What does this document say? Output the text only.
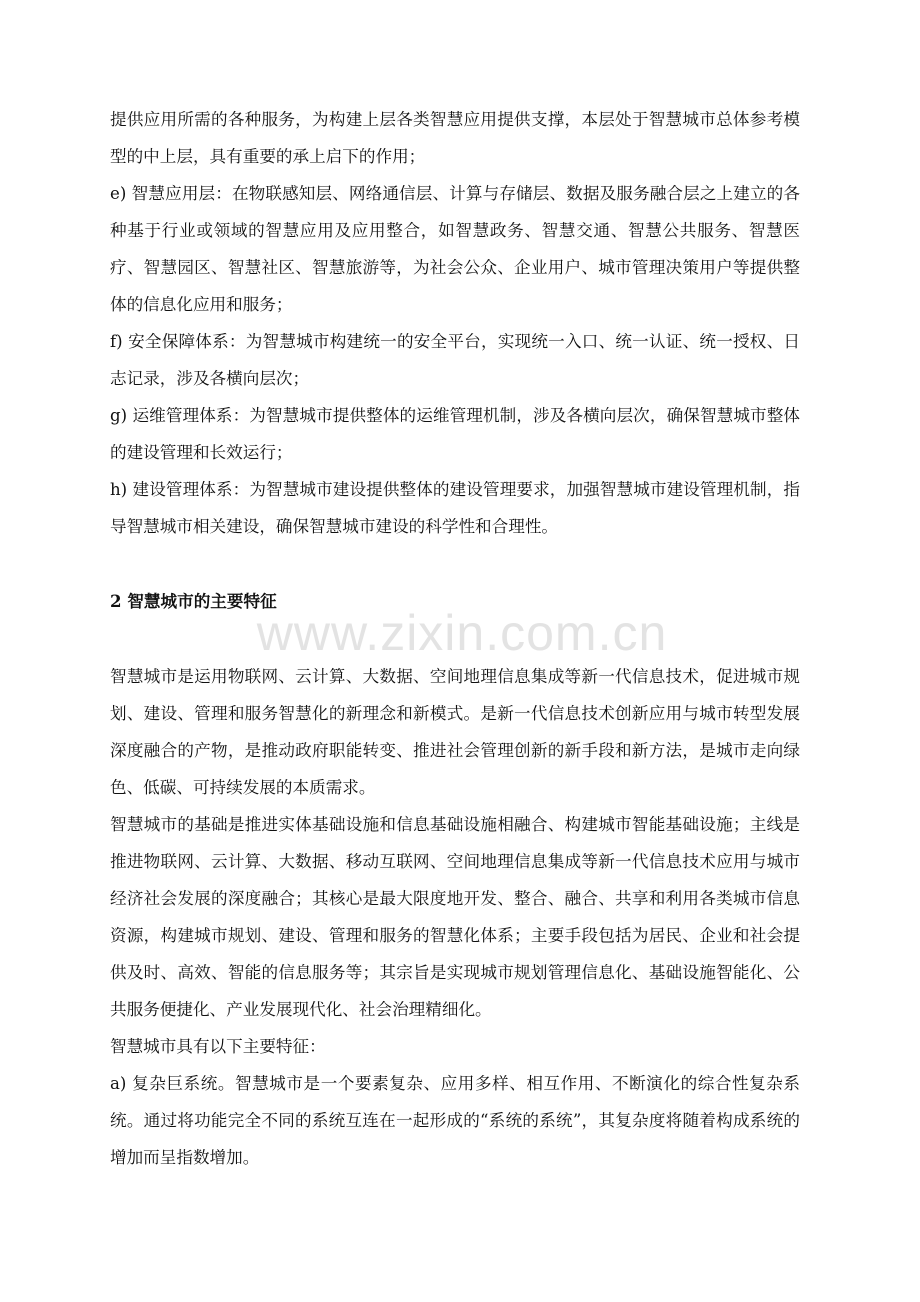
www.zixin.com.cn

提供应用所需的各种服务，为构建上层各类智慧应用提供支撑，本层处于智慧城市总体参考模型的中上层，具有重要的承上启下的作用；

e) 智慧应用层：在物联感知层、网络通信层、计算与存储层、数据及服务融合层之上建立的各种基于行业或领域的智慧应用及应用整合，如智慧政务、智慧交通、智慧公共服务、智慧医疗、智慧园区、智慧社区、智慧旅游等，为社会公众、企业用户、城市管理决策用户等提供整体的信息化应用和服务；

f) 安全保障体系：为智慧城市构建统一的安全平台，实现统一入口、统一认证、统一授权、日志记录，涉及各横向层次；

g) 运维管理体系：为智慧城市提供整体的运维管理机制，涉及各横向层次，确保智慧城市整体的建设管理和长效运行；

h) 建设管理体系：为智慧城市建设提供整体的建设管理要求，加强智慧城市建设管理机制，指导智慧城市相关建设，确保智慧城市建设的科学性和合理性。

2 智慧城市的主要特征

智慧城市是运用物联网、云计算、大数据、空间地理信息集成等新一代信息技术，促进城市规划、建设、管理和服务智慧化的新理念和新模式。是新一代信息技术创新应用与城市转型发展深度融合的产物，是推动政府职能转变、推进社会管理创新的新手段和新方法，是城市走向绿色、低碳、可持续发展的本质需求。

智慧城市的基础是推进实体基础设施和信息基础设施相融合、构建城市智能基础设施；主线是推进物联网、云计算、大数据、移动互联网、空间地理信息集成等新一代信息技术应用与城市经济社会发展的深度融合；其核心是最大限度地开发、整合、融合、共享和利用各类城市信息资源，构建城市规划、建设、管理和服务的智慧化体系；主要手段包括为居民、企业和社会提供及时、高效、智能的信息服务等；其宗旨是实现城市规划管理信息化、基础设施智能化、公共服务便捷化、产业发展现代化、社会治理精细化。

智慧城市具有以下主要特征：

a) 复杂巨系统。智慧城市是一个要素复杂、应用多样、相互作用、不断演化的综合性复杂系统。通过将功能完全不同的系统互连在一起形成的“系统的系统”，其复杂度将随着构成系统的增加而呈指数增加。
